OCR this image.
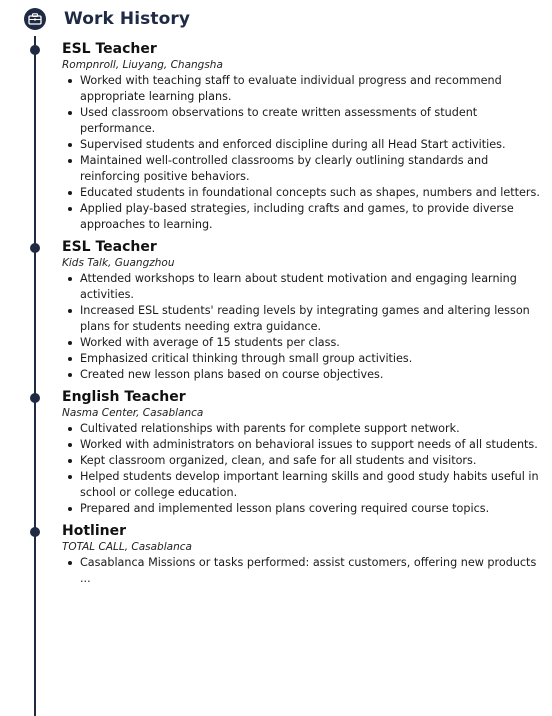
Work History
ESL Teacher
Rompnroll, Liuyang, Changsha
Worked with teaching staff to evaluate individual progress and recommend appropriate learning plans.
Used classroom observations to create written assessments of student performance.
Supervised students and enforced discipline during all Head Start activities.
Maintained well-controlled classrooms by clearly outlining standards and reinforcing positive behaviors.
Educated students in foundational concepts such as shapes, numbers and letters.
Applied play-based strategies, including crafts and games, to provide diverse approaches to learning.
ESL Teacher
Kids Talk, Guangzhou
Attended workshops to learn about student motivation and engaging learning activities.
Increased ESL students' reading levels by integrating games and altering lesson plans for students needing extra guidance.
Worked with average of 15 students per class.
Emphasized critical thinking through small group activities.
Created new lesson plans based on course objectives.
English Teacher
Nasma Center, Casablanca
Cultivated relationships with parents for complete support network.
Worked with administrators on behavioral issues to support needs of all students.
Kept classroom organized, clean, and safe for all students and visitors.
Helped students develop important learning skills and good study habits useful in school or college education.
Prepared and implemented lesson plans covering required course topics.
Hotliner
TOTAL CALL, Casablanca
Casablanca Missions or tasks performed: assist customers, offering new products ...
